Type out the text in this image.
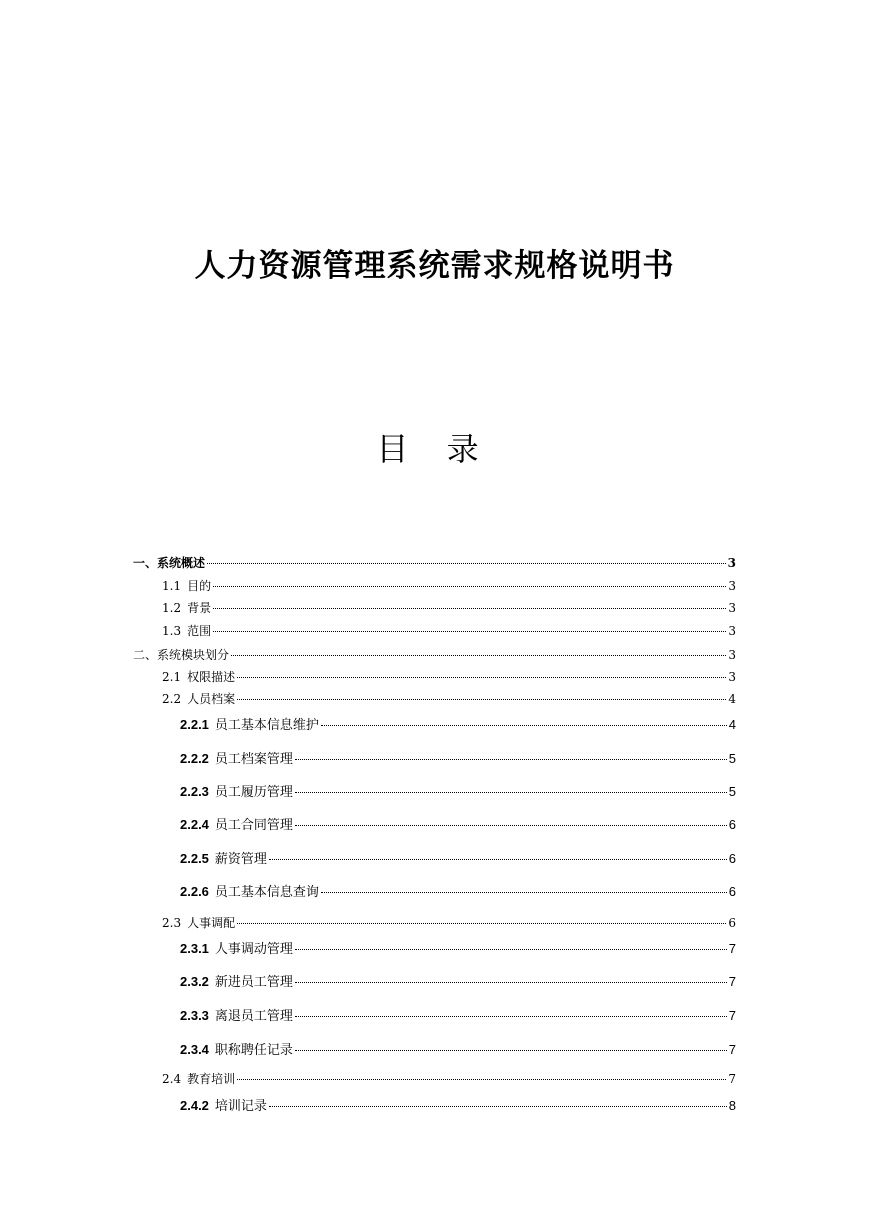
人力资源管理系统需求规格说明书
目 录
一、系统概述	3
1.1 目的	3
1.2 背景	3
1.3 范围	3
二、系统模块划分	3
2.1 权限描述	3
2.2 人员档案	4
2.2.1 员工基本信息维护	4
2.2.2 员工档案管理	5
2.2.3 员工履历管理	5
2.2.4 员工合同管理	6
2.2.5 薪资管理	6
2.2.6 员工基本信息查询	6
2.3 人事调配	6
2.3.1 人事调动管理	7
2.3.2 新进员工管理	7
2.3.3 离退员工管理	7
2.3.4 职称聘任记录	7
2.4 教育培训	7
2.4.2 培训记录	8
